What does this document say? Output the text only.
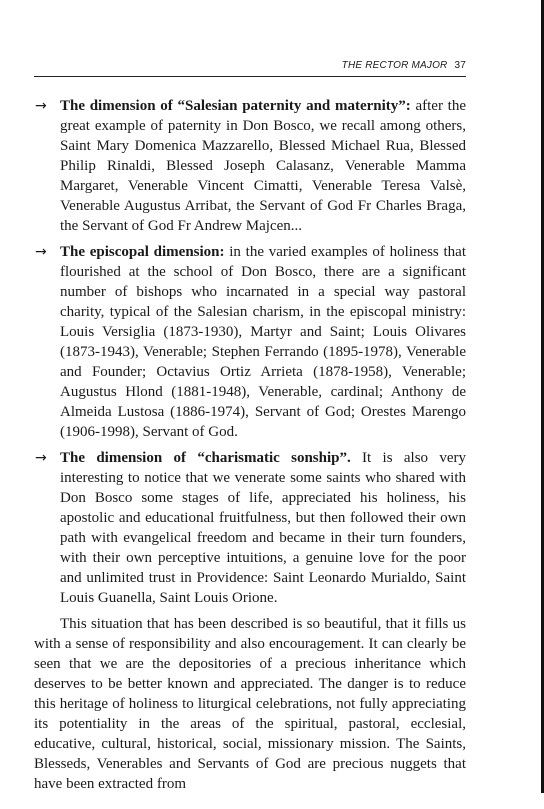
THE RECTOR MAJOR 37
→ The dimension of “Salesian paternity and maternity”: after the great example of paternity in Don Bosco, we recall among others, Saint Mary Domenica Mazzarello, Blessed Michael Rua, Blessed Philip Rinaldi, Blessed Joseph Calasanz, Venerable Mamma Margaret, Venerable Vincent Cimatti, Venerable Teresa Valsè, Venerable Augustus Arribat, the Servant of God Fr Charles Braga, the Servant of God Fr Andrew Majcen...
→ The episcopal dimension: in the varied examples of holiness that flourished at the school of Don Bosco, there are a significant number of bishops who incarnated in a special way pastoral charity, typical of the Salesian charism, in the episcopal ministry: Louis Versiglia (1873-1930), Martyr and Saint; Louis Olivares (1873-1943), Venerable; Stephen Ferrando (1895-1978), Venerable and Founder; Octavius Ortiz Arrieta (1878-1958), Venerable; Augustus Hlond (1881-1948), Venerable, cardinal; Anthony de Almeida Lustosa (1886-1974), Servant of God; Orestes Marengo (1906-1998), Servant of God.
→ The dimension of “charismatic sonship”. It is also very interesting to notice that we venerate some saints who shared with Don Bosco some stages of life, appreciated his holiness, his apostolic and educational fruitfulness, but then followed their own path with evangelical freedom and became in their turn founders, with their own perceptive intuitions, a genuine love for the poor and unlimited trust in Providence: Saint Leonardo Murialdo, Saint Louis Guanella, Saint Louis Orione.

This situation that has been described is so beautiful, that it fills us with a sense of responsibility and also encouragement. It can clearly be seen that we are the depositories of a precious inheritance which deserves to be better known and appreciated. The danger is to reduce this heritage of holiness to liturgical celebrations, not fully appreciating its potentiality in the areas of the spiritual, pastoral, ecclesial, educative, cultural, historical, social, missionary mission. The Saints, Blesseds, Venerables and Servants of God are precious nuggets that have been extracted from
